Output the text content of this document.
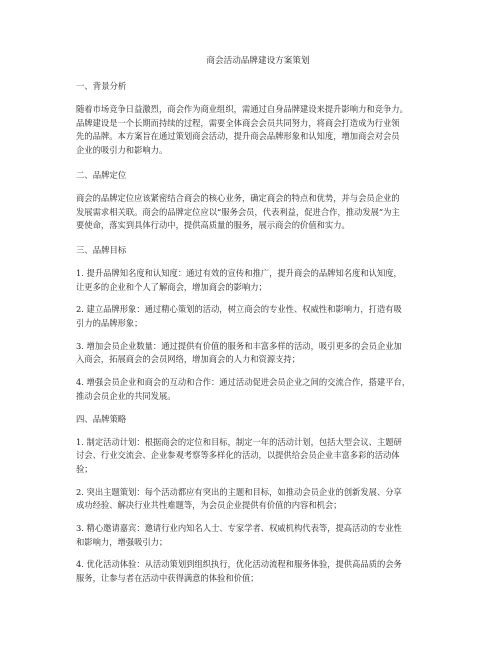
商会活动品牌建设方案策划
一、背景分析
随着市场竞争日益激烈，商会作为商业组织，需通过自身品牌建设来提升影响力和竞争力。
品牌建设是一个长期而持续的过程，需要全体商会会员共同努力，将商会打造成为行业领
先的品牌。本方案旨在通过策划商会活动，提升商会品牌形象和认知度，增加商会对会员
企业的吸引力和影响力。
二、品牌定位
商会的品牌定位应该紧密结合商会的核心业务，确定商会的特点和优势，并与会员企业的
发展需求相关联。商会的品牌定位应以“服务会员，代表利益，促进合作，推动发展”为主
要使命，落实到具体行动中，提供高质量的服务，展示商会的价值和实力。
三、品牌目标
1. 提升品牌知名度和认知度：通过有效的宣传和推广，提升商会的品牌知名度和认知度，
让更多的企业和个人了解商会，增加商会的影响力；
2. 建立品牌形象：通过精心策划的活动，树立商会的专业性、权威性和影响力，打造有吸
引力的品牌形象；
3. 增加会员企业数量：通过提供有价值的服务和丰富多样的活动，吸引更多的会员企业加
入商会，拓展商会的会员网络，增加商会的人力和资源支持；
4. 增强会员企业和商会的互动和合作：通过活动促进会员企业之间的交流合作，搭建平台，
推动会员企业的共同发展。
四、品牌策略
1. 制定活动计划：根据商会的定位和目标，制定一年的活动计划，包括大型会议、主题研
讨会、行业交流会、企业参观考察等多样化的活动，以提供给会员企业丰富多彩的活动体
验；
2. 突出主题策划：每个活动都应有突出的主题和目标，如推动会员企业的创新发展、分享
成功经验、解决行业共性难题等，为会员企业提供有价值的内容和机会；
3. 精心邀请嘉宾：邀请行业内知名人士、专家学者、权威机构代表等，提高活动的专业性
和影响力，增强吸引力；
4. 优化活动体验：从活动策划到组织执行，优化活动流程和服务体验，提供高品质的会务
服务，让参与者在活动中获得满意的体验和价值；
